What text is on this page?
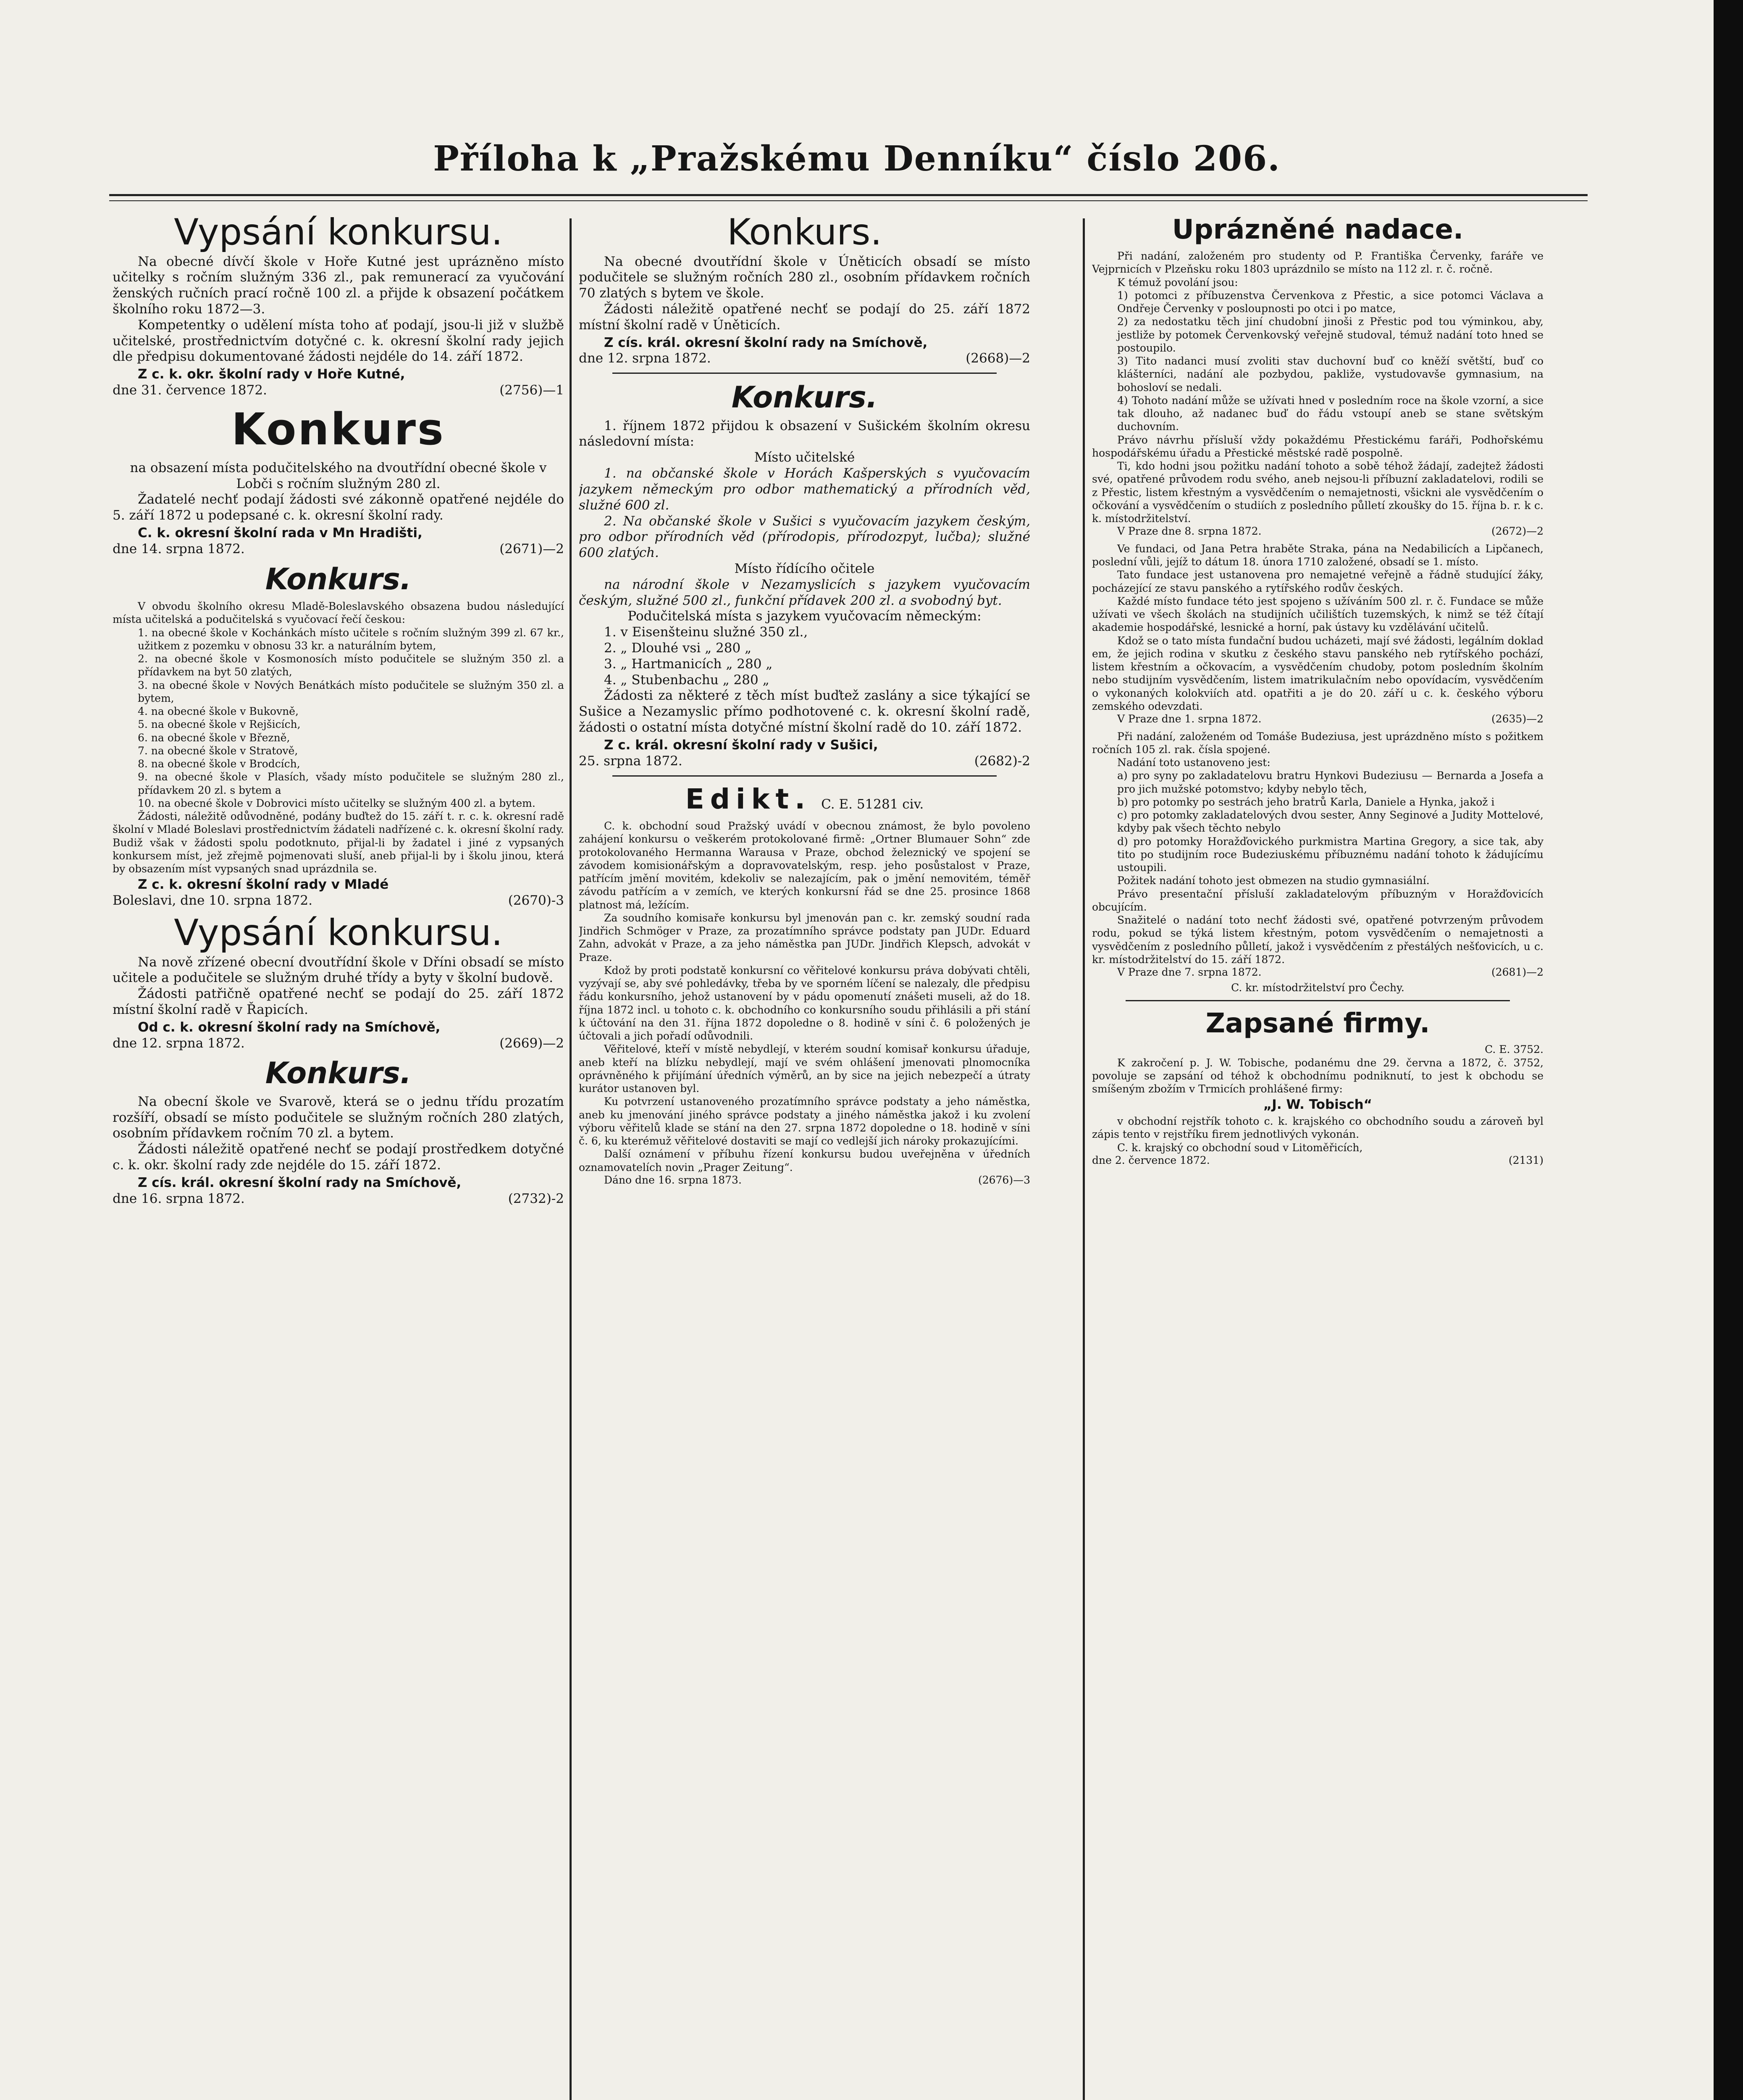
Příloha k „Pražskému Denníku“ číslo 206.
Vypsání konkursu.

Na obecné dívčí škole v Hoře Kutné jest uprázněno místo učitelky s ročním služným 336 zl., pak remunerací za vyučování ženských ručních prací ročně 100 zl. a přijde k obsazení počátkem školního roku 1872—3.

Kompetentky o udělení místa toho ať podají, jsou-li již v službě učitelské, prostřednictvím dotyčné c. k. okresní školní rady jejich dle předpisu dokumentované žádosti nejdéle do 14. září 1872.

Z c. k. okr. školní rady v Hoře Kutné,

dne 31. července 1872.	(2756)—1
Konkurs

na obsazení místa podučitelského na dvoutřídní obecné škole v Lobči s ročním služným 280 zl.

Žadatelé nechť podají žádosti své zákonně opatřené nejdéle do 5. září 1872 u podepsané c. k. okresní školní rady.

C. k. okresní školní rada v Mn Hradišti,

dne 14. srpna 1872.	(2671)—2
Konkurs.

V obvodu školního okresu Mladě-Boleslavského obsazena budou následující místa učitelská a podučitelská s vyučovací řečí českou:

1. na obecné škole v Kochánkách místo učitele s ročním služným 399 zl. 67 kr., užitkem z pozemku v obnosu 33 kr. a naturálním bytem,

2. na obecné škole v Kosmonosích místo podučitele se služným 350 zl. a přídavkem na byt 50 zlatých,

3. na obecné škole v Nových Benátkách místo podučitele se služným 350 zl. a bytem,

4. na obecné škole v Bukovně,

5. na obecné škole v Rejšicích,

6. na obecné škole v Březně,

7. na obecné škole v Stratově,

8. na obecné škole v Brodcích,

9. na obecné škole v Plasích, všady místo podučitele se služným 280 zl., přídavkem 20 zl. s bytem a

10. na obecné škole v Dobrovici místo učitelky se služným 400 zl. a bytem.

Žádosti, náležitě odůvodněné, podány buďtež do 15. září t. r. c. k. okresní radě školní v Mladé Boleslavi prostřednictvím žádateli nadřízené c. k. okresní školní rady. Budiž však v žádosti spolu podotknuto, přijal-li by žadatel i jiné z vypsaných konkursem míst, jež zřejmě pojmenovati sluší, aneb přijal-li by i školu jinou, která by obsazením míst vypsaných snad uprázdnila se.

Z c. k. okresní školní rady v Mladé

Boleslavi, dne 10. srpna 1872.	(2670)-3
Vypsání konkursu.

Na nově zřízené obecní dvoutřídní škole v Dříni obsadí se místo učitele a podučitele se služným druhé třídy a byty v školní budově.

Žádosti patřičně opatřené nechť se podají do 25. září 1872 místní školní radě v Řapicích.

Od c. k. okresní školní rady na Smíchově,

dne 12. srpna 1872.	(2669)—2
Konkurs.

Na obecní škole ve Svarově, která se o jednu třídu prozatím rozšíří, obsadí se místo podučitele se služným ročních 280 zlatých, osobním přídavkem ročním 70 zl. a bytem.

Žádosti náležitě opatřené nechť se podají prostředkem dotyčné c. k. okr. školní rady zde nejdéle do 15. září 1872.

Z cís. král. okresní školní rady na Smíchově,

dne 16. srpna 1872.	(2732)-2
Konkurs.

Na obecné dvoutřídní škole v Úněticích obsadí se místo podučitele se služným ročních 280 zl., osobním přídavkem ročních 70 zlatých s bytem ve škole.

Žádosti náležitě opatřené nechť se podají do 25. září 1872 místní školní radě v Úněticích.

Z cís. král. okresní školní rady na Smíchově,

dne 12. srpna 1872.	(2668)—2
Konkurs.

1. říjnem 1872 přijdou k obsazení v Sušickém školním okresu následovní místa:

Místo učitelské

1. na občanské škole v Horách Kašperských s vyučovacím jazykem německým pro odbor mathematický a přírodních věd, služné 600 zl.

2. Na občanské škole v Sušici s vyučovacím jazykem českým, pro odbor přírodních věd (přírodopis, přírodozpyt, lučba); služné 600 zlatých.

Místo řídícího očitele

na národní škole v Nezamyslicích s jazykem vyučovacím českým, služné 500 zl., funkční přídavek 200 zl. a svobodný byt.

Podučitelská místa s jazykem vyučovacím německým:

1. v Eisenšteinu služné 350 zl.,

2. „ Dlouhé vsi „ 280 „

3. „ Hartmanicích „ 280 „

4. „ Stubenbachu „ 280 „

Žádosti za některé z těch míst buďtež zaslány a sice týkající se Sušice a Nezamyslic přímo podhotovené c. k. okresní školní radě, žádosti o ostatní místa dotyčné místní školní radě do 10. září 1872.

Z c. král. okresní školní rady v Sušici,

25. srpna 1872.	(2682)-2
Edikt. C. E. 51281 civ.

C. k. obchodní soud Pražský uvádí v obecnou známost, že bylo povoleno zahájení konkursu o veškerém protokolované firmě: „Ortner Blumauer Sohn“ zde protokolovaného Hermanna Warausa v Praze, obchod železnický ve spojení se závodem komisionářským a dopravovatelským, resp. jeho posůstalost v Praze, patřícím jmění movitém, kdekoliv se nalezajícím, pak o jmění nemovitém, téměř závodu patřícím a v zemích, ve kterých konkursní řád se dne 25. prosince 1868 platnost má, ležícím.

Za soudního komisaře konkursu byl jmenován pan c. kr. zemský soudní rada Jindřich Schmöger v Praze, za prozatímního správce podstaty pan JUDr. Eduard Zahn, advokát v Praze, a za jeho náměstka pan JUDr. Jindřich Klepsch, advokát v Praze.

Kdož by proti podstatě konkursní co věřitelové konkursu práva dobývati chtěli, vyzývají se, aby své pohledávky, třeba by ve sporném líčení se nalezaly, dle předpisu řádu konkursního, jehož ustanovení by v pádu opomenutí znášeti museli, až do 18. října 1872 incl. u tohoto c. k. obchodního co konkursního soudu přihlásili a při stání k účtování na den 31. října 1872 dopoledne o 8. hodině v síni č. 6 položených je účtovali a jich pořadí odůvodnili.

Věřitelové, kteří v místě nebydlejí, v kterém soudní komisař konkursu úřaduje, aneb kteří na blízku nebydlejí, mají ve svém ohlášení jmenovati plnomocníka oprávněného k přijímání úředních výměrů, an by sice na jejich nebezpečí a útraty kurátor ustanoven byl.

Ku potvrzení ustanoveného prozatímního správce podstaty a jeho náměstka, aneb ku jmenování jiného správce podstaty a jiného náměstka jakož i ku zvolení výboru věřitelů klade se stání na den 27. srpna 1872 dopoledne o 18. hodině v síni č. 6, ku kterémuž věřitelové dostaviti se mají co vedlejší jich nároky prokazujícími.

Další oznámení v příbuhu řízení konkursu budou uveřejněna v úředních oznamovatelích novin „Prager Zeitung“.

Dáno dne 16. srpna 1873.	(2676)—3
Uprázněné nadace.

Při nadání, založeném pro studenty od P. Františka Červenky, faráře ve Vejprnicích v Plzeňsku roku 1803 uprázdnilo se místo na 112 zl. r. č. ročně.

K témuž povolání jsou:

1) potomci z příbuzenstva Červenkova z Přestic, a sice potomci Václava a Ondřeje Červenky v posloupnosti po otci i po matce,

2) za nedostatku těch jiní chudobní jinoši z Přestic pod tou výminkou, aby, jestliže by potomek Červenkovský veřejně studoval, témuž nadání toto hned se postoupilo.

3) Tito nadanci musí zvoliti stav duchovní buď co kněží světští, buď co klášterníci, nadání ale pozbydou, pakliže, vystudovavše gymnasium, na bohosloví se nedali.

4) Tohoto nadání může se užívati hned v posledním roce na škole vzorní, a sice tak dlouho, až nadanec buď do řádu vstoupí aneb se stane světským duchovním.

Právo návrhu přísluší vždy pokaždému Přestickému faráři, Podhořskému hospodářskému úřadu a Přestické městské radě pospolně.

Ti, kdo hodni jsou požitku nadání tohoto a sobě téhož žádají, zadejtež žádosti své, opatřené průvodem rodu svého, aneb nejsou-li příbuzní zakladatelovi, rodili se z Přestic, listem křestným a vysvědčením o nemajetnosti, všickni ale vysvědčením o očkování a vysvědčením o studiích z posledního půlletí zkoušky do 15. října b. r. k c. k. místodržitelství.

V Praze dne 8. srpna 1872.	(2672)—2

Ve fundaci, od Jana Petra hraběte Straka, pána na Nedabilicích a Lipčanech, poslední vůli, jejíž to dátum 18. února 1710 založené, obsadí se 1. místo.

Tato fundace jest ustanovena pro nemajetné veřejně a řádně studující žáky, pocházející ze stavu panského a rytířského rodův českých.

Každé místo fundace této jest spojeno s užíváním 500 zl. r. č. Fundace se může užívati ve všech školách na studijních učilištích tuzemských, k nimž se též čítají akademie hospodářské, lesnické a horní, pak ústavy ku vzdělávání učitelů.

Kdož se o tato místa fundační budou ucházeti, mají své žádosti, legálním doklad em, že jejich rodina v skutku z českého stavu panského neb rytířského pochází, listem křestním a očkovacím, a vysvědčením chudoby, potom posledním školním nebo studijním vysvědčením, listem imatrikulačním nebo opovídacím, vysvědčením o vykonaných kolokviích atd. opatřiti a je do 20. září u c. k. českého výboru zemského odevzdati.

V Praze dne 1. srpna 1872.	(2635)—2

Při nadání, založeném od Tomáše Budeziusa, jest uprázdněno místo s požitkem ročních 105 zl. rak. čísla spojené.

Nadání toto ustanoveno jest:

a) pro syny po zakladatelovu bratru Hynkovi Budeziusu — Bernarda a Josefa a pro jich mužské potomstvo; kdyby nebylo těch,

b) pro potomky po sestrách jeho bratrů Karla, Daniele a Hynka, jakož i

c) pro potomky zakladatelových dvou sester, Anny Seginové a Judity Mottelové, kdyby pak všech těchto nebylo

d) pro potomky Horažďovického purkmistra Martina Gregory, a sice tak, aby tito po studijním roce Budeziuskému příbuznému nadání tohoto k žádujícímu ustoupili.

Požitek nadání tohoto jest obmezen na studio gymnasiální.

Právo presentační přísluší zakladatelovým příbuzným v Horažďovicích obcujícím.

Snažitelé o nadání toto nechť žádosti své, opatřené potvrzeným průvodem rodu, pokud se týká listem křestným, potom vysvědčením o nemajetnosti a vysvědčením z posledního půlletí, jakož i vysvědčením z přestálých nešťovicích, u c. kr. místodržitelství do 15. září 1872.

V Praze dne 7. srpna 1872.	(2681)—2

C. kr. místodržitelství pro Čechy.

Zapsané firmy.

C. E. 3752.

K zakročení p. J. W. Tobische, podanému dne 29. června a 1872, č. 3752, povoluje se zapsání od téhož k obchodnímu podniknutí, to jest k obchodu se smíšeným zbožím v Trmicích prohlášené firmy:

„J. W. Tobisch“

v obchodní rejstřík tohoto c. k. krajského co obchodního soudu a zároveň byl zápis tento v rejstříku firem jednotlivých vykonán.

C. k. krajský co obchodní soud v Litoměřicích,

dne 2. července 1872.	(2131)
